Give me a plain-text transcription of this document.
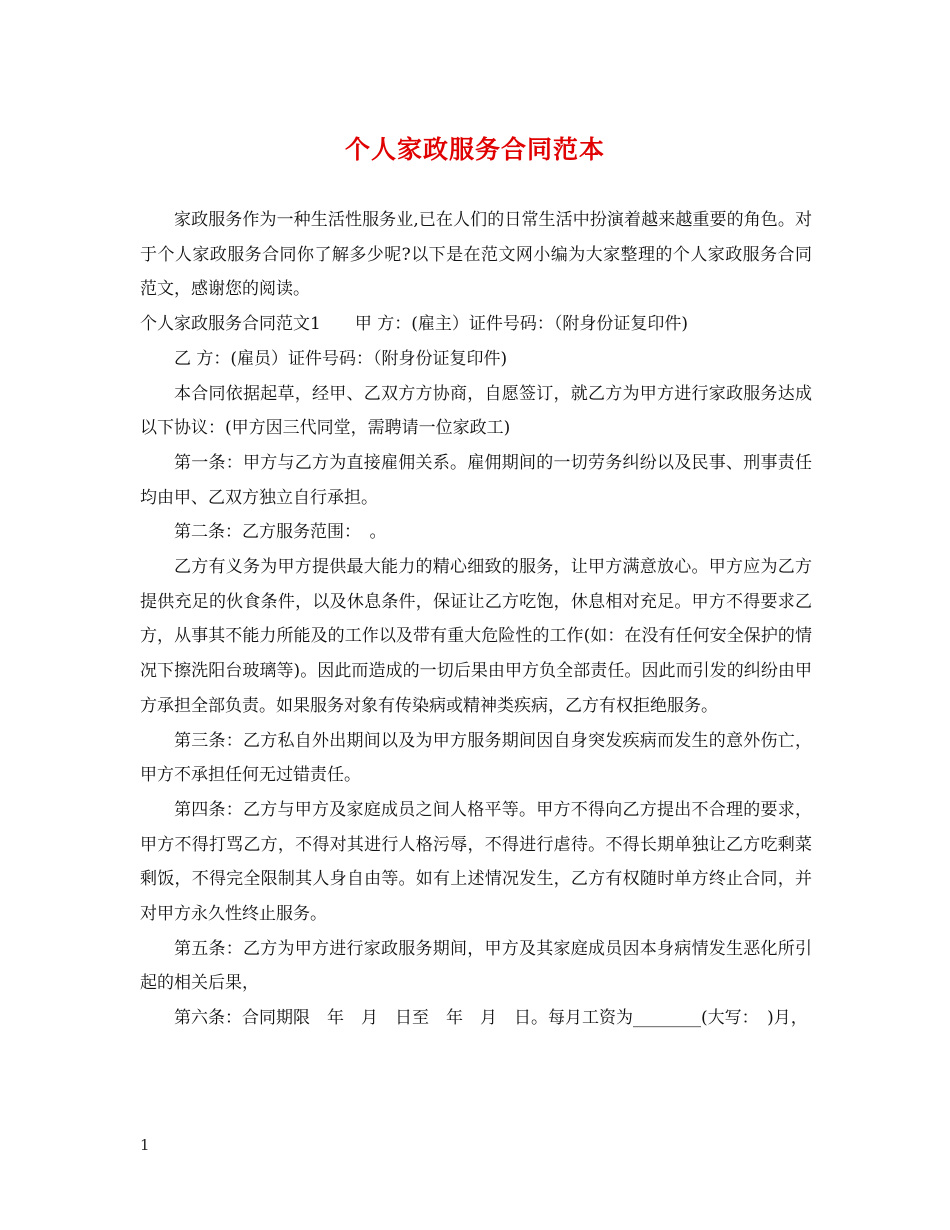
个人家政服务合同范本

家政服务作为一种生活性服务业,已在人们的日常生活中扮演着越来越重要的角色。对于个人家政服务合同你了解多少呢?以下是在范文网小编为大家整理的个人家政服务合同范文，感谢您的阅读。

个人家政服务合同范文1 甲 方：(雇主）证件号码：（附身份证复印件)

乙 方：(雇员）证件号码：（附身份证复印件)

本合同依据起草，经甲、乙双方方协商，自愿签订，就乙方为甲方进行家政服务达成以下协议：(甲方因三代同堂，需聘请一位家政工)

第一条：甲方与乙方为直接雇佣关系。雇佣期间的一切劳务纠纷以及民事、刑事责任均由甲、乙双方独立自行承担。

第二条：乙方服务范围：　。

乙方有义务为甲方提供最大能力的精心细致的服务，让甲方满意放心。甲方应为乙方提供充足的伙食条件，以及休息条件，保证让乙方吃饱，休息相对充足。甲方不得要求乙方，从事其不能力所能及的工作以及带有重大危险性的工作(如：在没有任何安全保护的情况下擦洗阳台玻璃等)。因此而造成的一切后果由甲方负全部责任。因此而引发的纠纷由甲方承担全部负责。如果服务对象有传染病或精神类疾病，乙方有权拒绝服务。

第三条：乙方私自外出期间以及为甲方服务期间因自身突发疾病而发生的意外伤亡，甲方不承担任何无过错责任。

第四条：乙方与甲方及家庭成员之间人格平等。甲方不得向乙方提出不合理的要求，甲方不得打骂乙方，不得对其进行人格污辱，不得进行虐待。不得长期单独让乙方吃剩菜剩饭，不得完全限制其人身自由等。如有上述情况发生，乙方有权随时单方终止合同，并对甲方永久性终止服务。

第五条：乙方为甲方进行家政服务期间，甲方及其家庭成员因本身病情发生恶化所引起的相关后果，

第六条：合同期限　年　月　日至　年　月　日。每月工资为________(大写：　)月，

1
